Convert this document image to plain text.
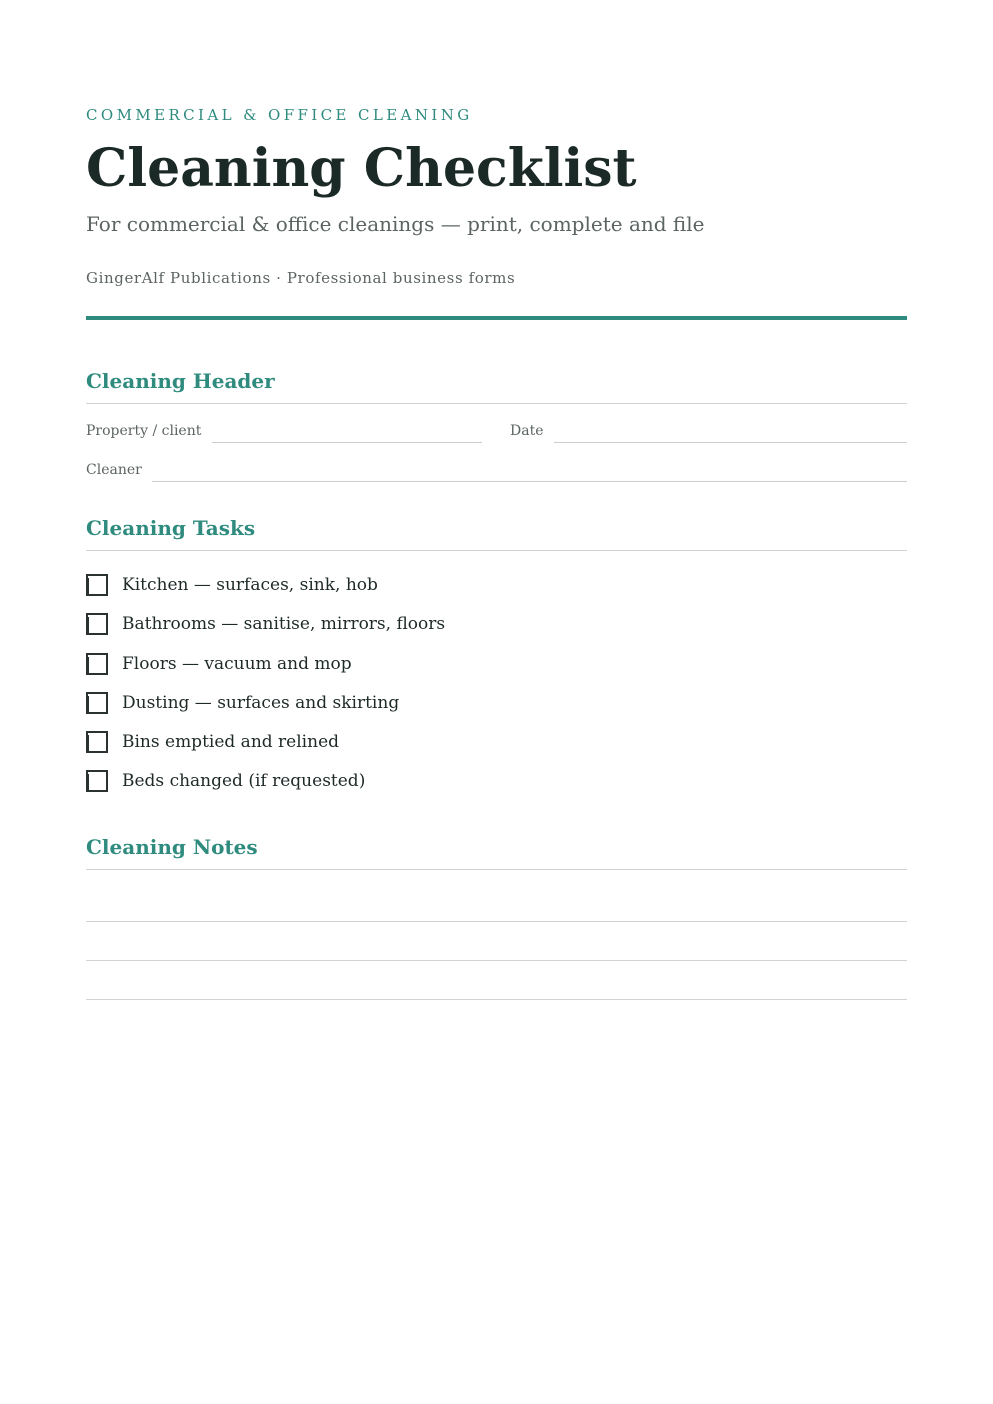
COMMERCIAL & OFFICE CLEANING
Cleaning Checklist
For commercial & office cleanings — print, complete and file
GingerAlf Publications · Professional business forms
Cleaning Header
Property / client	Date
Cleaner
Cleaning Tasks
Kitchen — surfaces, sink, hob
Bathrooms — sanitise, mirrors, floors
Floors — vacuum and mop
Dusting — surfaces and skirting
Bins emptied and relined
Beds changed (if requested)
Cleaning Notes
